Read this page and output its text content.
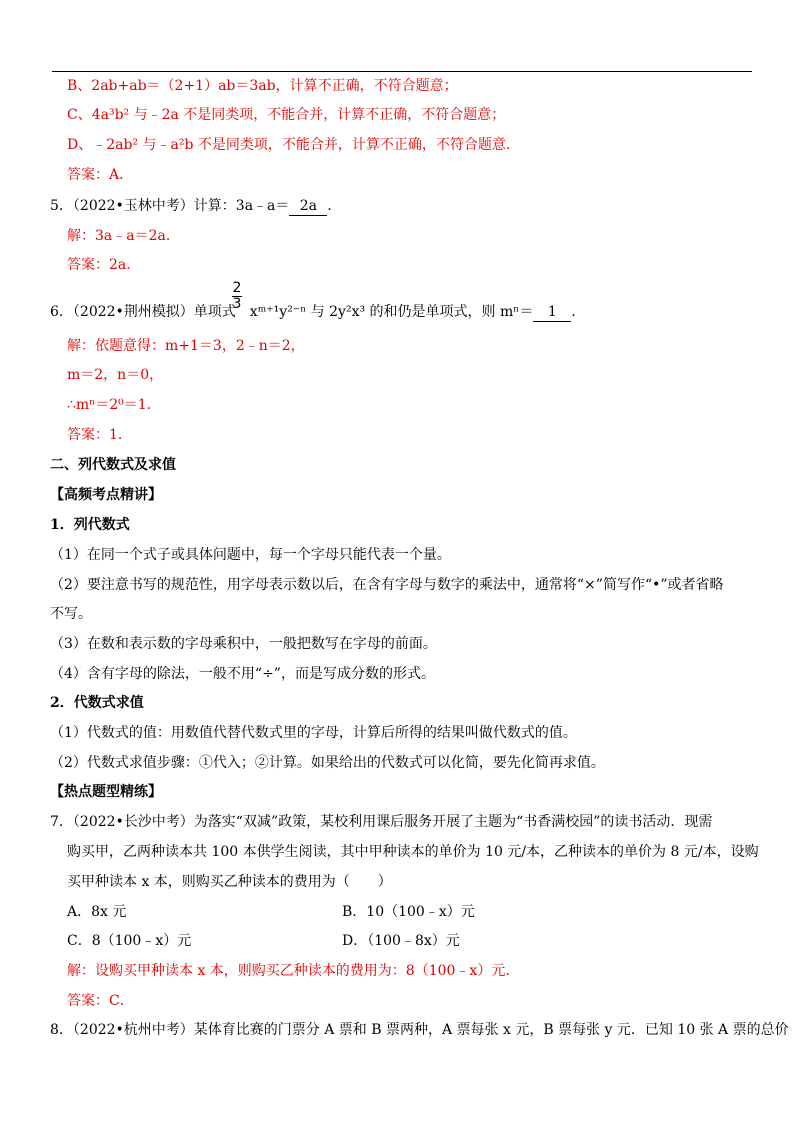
B、2ab+ab＝（2+1）ab＝3ab，计算不正确，不符合题意；
C、4a³b² 与﹣2a 不是同类项，不能合并，计算不正确，不符合题意；
D、﹣2ab² 与﹣a²b 不是同类项，不能合并，计算不正确，不符合题意．
答案：A．
5．（2022•玉林中考）计算：3a﹣a＝ 2a ．
解：3a﹣a＝2a．
答案：2a．
2
3
6．（2022•荆州模拟）单项式 xᵐ⁺¹y²⁻ⁿ 与 2y²x³ 的和仍是单项式，则 mⁿ＝ 1 ．
解：依题意得：m+1＝3，2﹣n＝2，
m＝2，n＝0，
∴mⁿ＝2⁰＝1．
答案：1．
二、列代数式及求值
【高频考点精讲】
1．列代数式
（1）在同一个式子或具体问题中，每一个字母只能代表一个量。
（2）要注意书写的规范性，用字母表示数以后，在含有字母与数字的乘法中，通常将“×”简写作“•”或者省略
不写。
（3）在数和表示数的字母乘积中，一般把数写在字母的前面。
（4）含有字母的除法，一般不用“÷”，而是写成分数的形式。
2．代数式求值
（1）代数式的值：用数值代替代数式里的字母，计算后所得的结果叫做代数式的值。
（2）代数式求值步骤：①代入；②计算。如果给出的代数式可以化简，要先化简再求值。
【热点题型精练】
7．（2022•长沙中考）为落实“双减”政策，某校利用课后服务开展了主题为“书香满校园”的读书活动．现需
购买甲，乙两种读本共 100 本供学生阅读，其中甲种读本的单价为 10 元/本，乙种读本的单价为 8 元/本，设购
买甲种读本 x 本，则购买乙种读本的费用为（　　）
A．8x 元	B．10（100﹣x）元
C．8（100﹣x）元	D．（100﹣8x）元
解：设购买甲种读本 x 本，则购买乙种读本的费用为：8（100﹣x）元．
答案：C．
8．（2022•杭州中考）某体育比赛的门票分 A 票和 B 票两种，A 票每张 x 元，B 票每张 y 元．已知 10 张 A 票的总价
